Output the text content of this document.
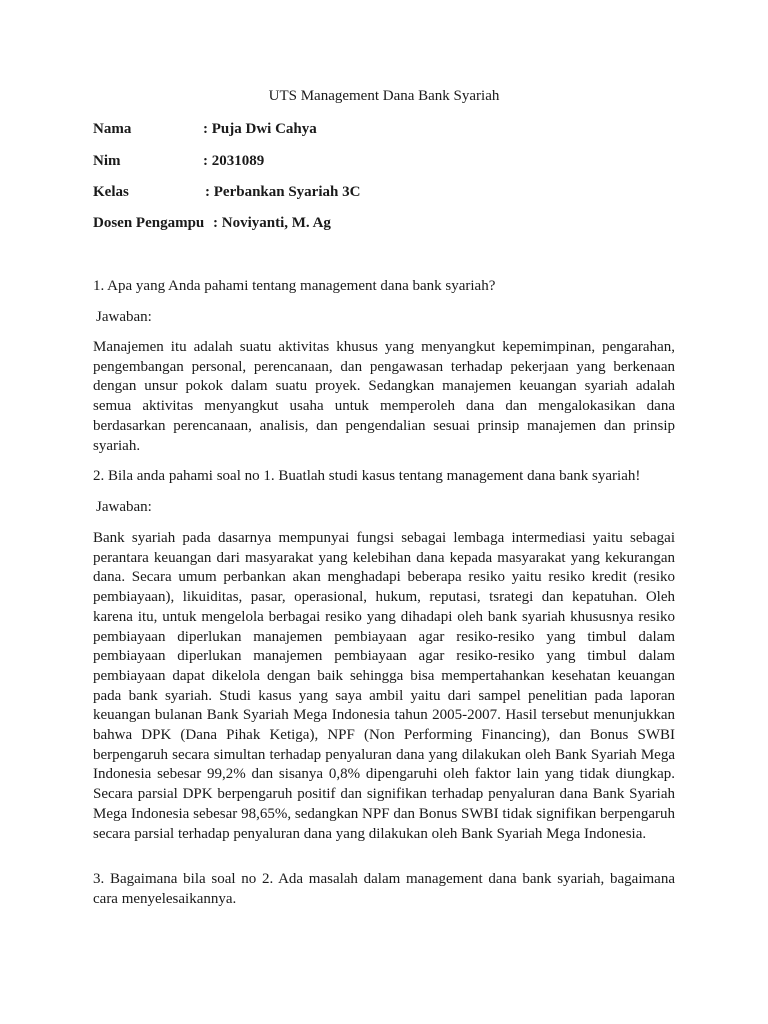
UTS Management Dana Bank Syariah
Nama	: Puja Dwi Cahya
Nim	: 2031089
Kelas	: Perbankan Syariah 3C
Dosen Pengampu : Noviyanti, M. Ag
1. Apa yang Anda pahami tentang management dana bank syariah?
Jawaban:
Manajemen itu adalah suatu aktivitas khusus yang menyangkut kepemimpinan, pengarahan, pengembangan personal, perencanaan, dan pengawasan terhadap pekerjaan yang berkenaan dengan unsur pokok dalam suatu proyek. Sedangkan manajemen keuangan syariah adalah semua aktivitas menyangkut usaha untuk memperoleh dana dan mengalokasikan dana berdasarkan perencanaan, analisis, dan pengendalian sesuai prinsip manajemen dan prinsip syariah.
2. Bila anda pahami soal no 1. Buatlah studi kasus tentang management dana bank syariah!
Jawaban:
Bank syariah pada dasarnya mempunyai fungsi sebagai lembaga intermediasi yaitu sebagai perantara keuangan dari masyarakat yang kelebihan dana kepada masyarakat yang kekurangan dana. Secara umum perbankan akan menghadapi beberapa resiko yaitu resiko kredit (resiko pembiayaan), likuiditas, pasar, operasional, hukum, reputasi, tsrategi dan kepatuhan. Oleh karena itu, untuk mengelola berbagai resiko yang dihadapi oleh bank syariah khususnya resiko pembiayaan diperlukan manajemen pembiayaan agar resiko-resiko yang timbul dalam pembiayaan diperlukan manajemen pembiayaan agar resiko-resiko yang timbul dalam pembiayaan dapat dikelola dengan baik sehingga bisa mempertahankan kesehatan keuangan pada bank syariah. Studi kasus yang saya ambil yaitu dari sampel penelitian pada laporan keuangan bulanan Bank Syariah Mega Indonesia tahun 2005-2007. Hasil tersebut menunjukkan bahwa DPK (Dana Pihak Ketiga), NPF (Non Performing Financing), dan Bonus SWBI berpengaruh secara simultan terhadap penyaluran dana yang dilakukan oleh Bank Syariah Mega Indonesia sebesar 99,2% dan sisanya 0,8% dipengaruhi oleh faktor lain yang tidak diungkap. Secara parsial DPK berpengaruh positif dan signifikan terhadap penyaluran dana Bank Syariah Mega Indonesia sebesar 98,65%, sedangkan NPF dan Bonus SWBI tidak signifikan berpengaruh secara parsial terhadap penyaluran dana yang dilakukan oleh Bank Syariah Mega Indonesia.
3. Bagaimana bila soal no 2. Ada masalah dalam management dana bank syariah, bagaimana cara menyelesaikannya.
